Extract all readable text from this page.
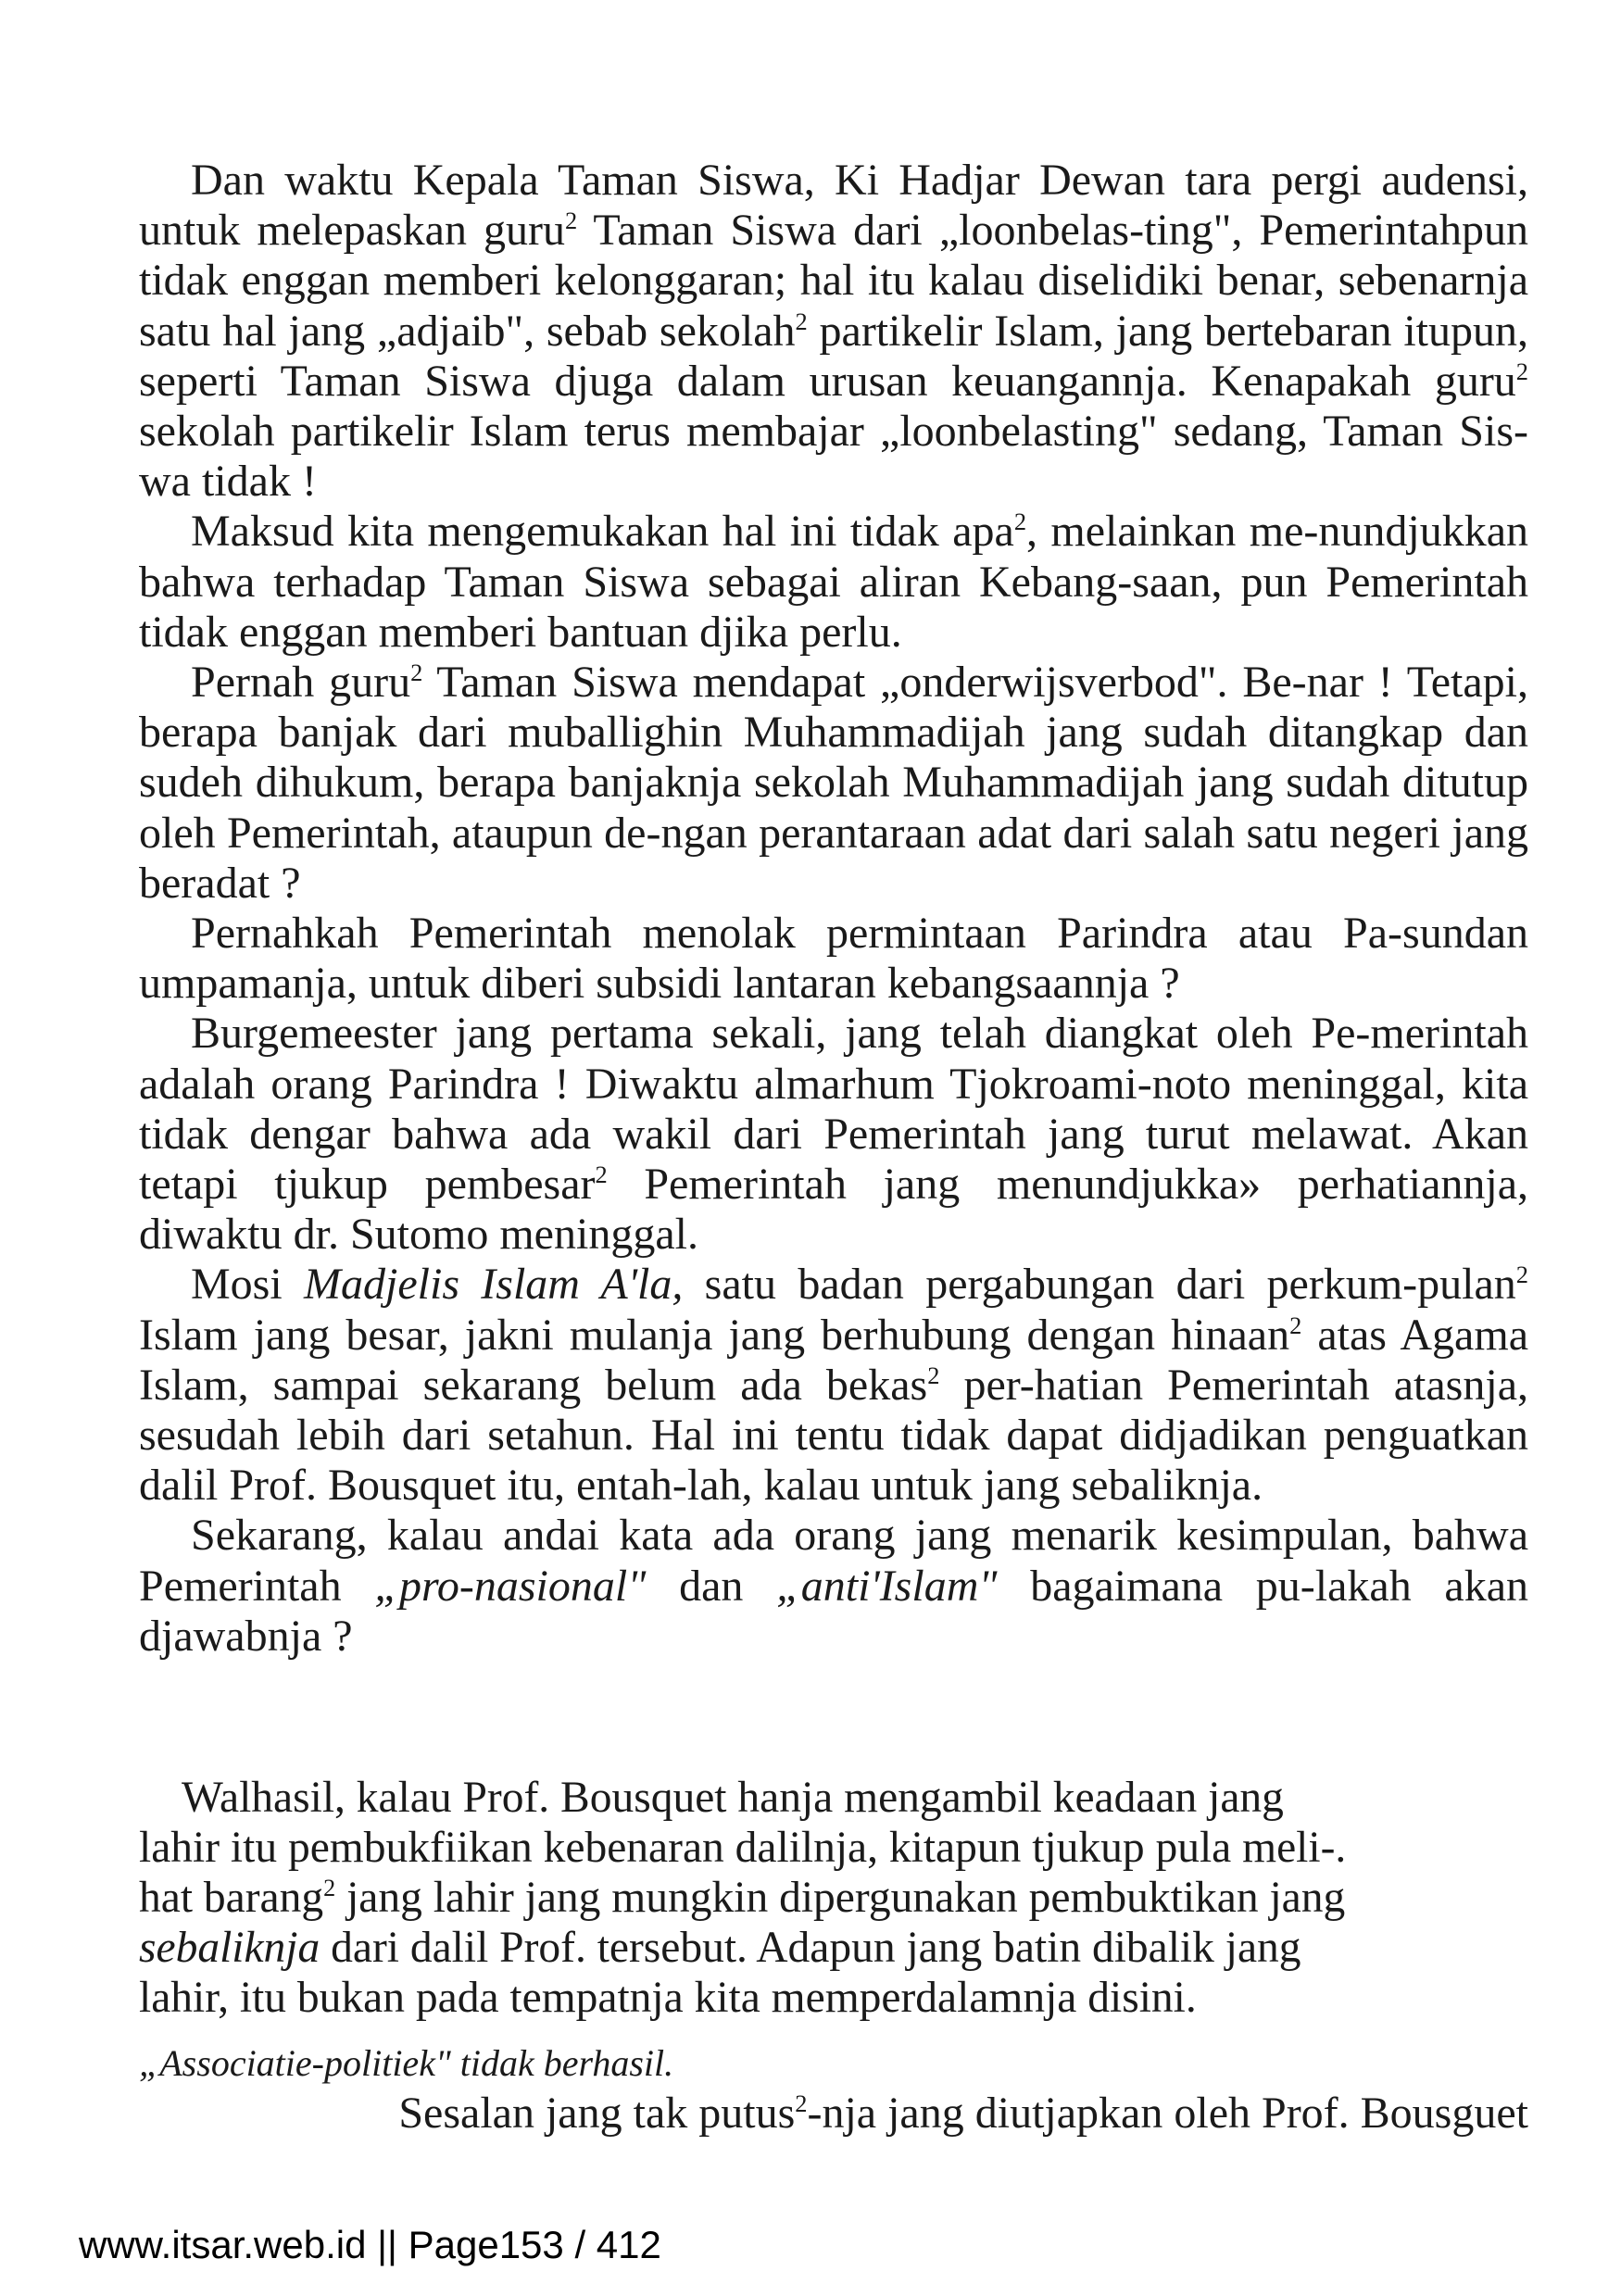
Dan waktu Kepala Taman Siswa, Ki Hadjar Dewan tara pergi audensi, untuk melepaskan guru$^2$ Taman Siswa dari „loonbelas-ting", Pemerintahpun tidak enggan memberi kelonggaran; hal itu kalau diselidiki benar, sebenarnja satu hal jang „adjaib", sebab sekolah$^2$ partikelir Islam, jang bertebaran itupun, seperti Taman Siswa djuga dalam urusan keuangannja. Kenapakah guru$^2$ sekolah partikelir Islam terus membajar „loonbelasting" sedang, Taman Sis-wa tidak !

Maksud kita mengemukakan hal ini tidak apa$^2$, melainkan me-nundjukkan bahwa terhadap Taman Siswa sebagai aliran Kebang-saan, pun Pemerintah tidak enggan memberi bantuan djika perlu.

Pernah guru$^2$ Taman Siswa mendapat „onderwijsverbod". Be-nar ! Tetapi, berapa banjak dari muballighin Muhammadijah jang sudah ditangkap dan sudeh dihukum, berapa banjaknja sekolah Muhammadijah jang sudah ditutup oleh Pemerintah, ataupun de-ngan perantaraan adat dari salah satu negeri jang beradat ?

Pernahkah Pemerintah menolak permintaan Parindra atau Pa-sundan umpamanja, untuk diberi subsidi lantaran kebangsaannja ?

Burgemeester jang pertama sekali, jang telah diangkat oleh Pe-merintah adalah orang Parindra ! Diwaktu almarhum Tjokroami-noto meninggal, kita tidak dengar bahwa ada wakil dari Pemerintah jang turut melawat. Akan tetapi tjukup pembesar$^2$ Pemerintah jang menundjukka» perhatiannja, diwaktu dr. Sutomo meninggal.

Mosi Madjelis Islam A'la, satu badan pergabungan dari perkum-pulan$^2$ Islam jang besar, jakni mulanja jang berhubung dengan hinaan$^2$ atas Agama Islam, sampai sekarang belum ada bekas$^2$ per-hatian Pemerintah atasnja, sesudah lebih dari setahun. Hal ini tentu tidak dapat didjadikan penguatkan dalil Prof. Bousquet itu, entah-lah, kalau untuk jang sebaliknja.

Sekarang, kalau andai kata ada orang jang menarik kesimpulan, bahwa Pemerintah „pro-nasional" dan „anti'Islam" bagaimana pu-lakah akan djawabnja ?

Walhasil, kalau Prof. Bousquet hanja mengambil keadaan jang
lahir itu pembukfiikan kebenaran dalilnja, kitapun tjukup pula meli-.
hat barang$^2$ jang lahir jang mungkin dipergunakan pembuktikan jang
sebaliknja dari dalil Prof. tersebut. Adapun jang batin dibalik jang
lahir, itu bukan pada tempatnja kita memperdalamnja disini.
„Associatie-politiek" tidak berhasil.
Sesalan jang tak putus$^2$-nja jang diutjapkan oleh Prof. Bousguet
www.itsar.web.id || Page153 / 412
